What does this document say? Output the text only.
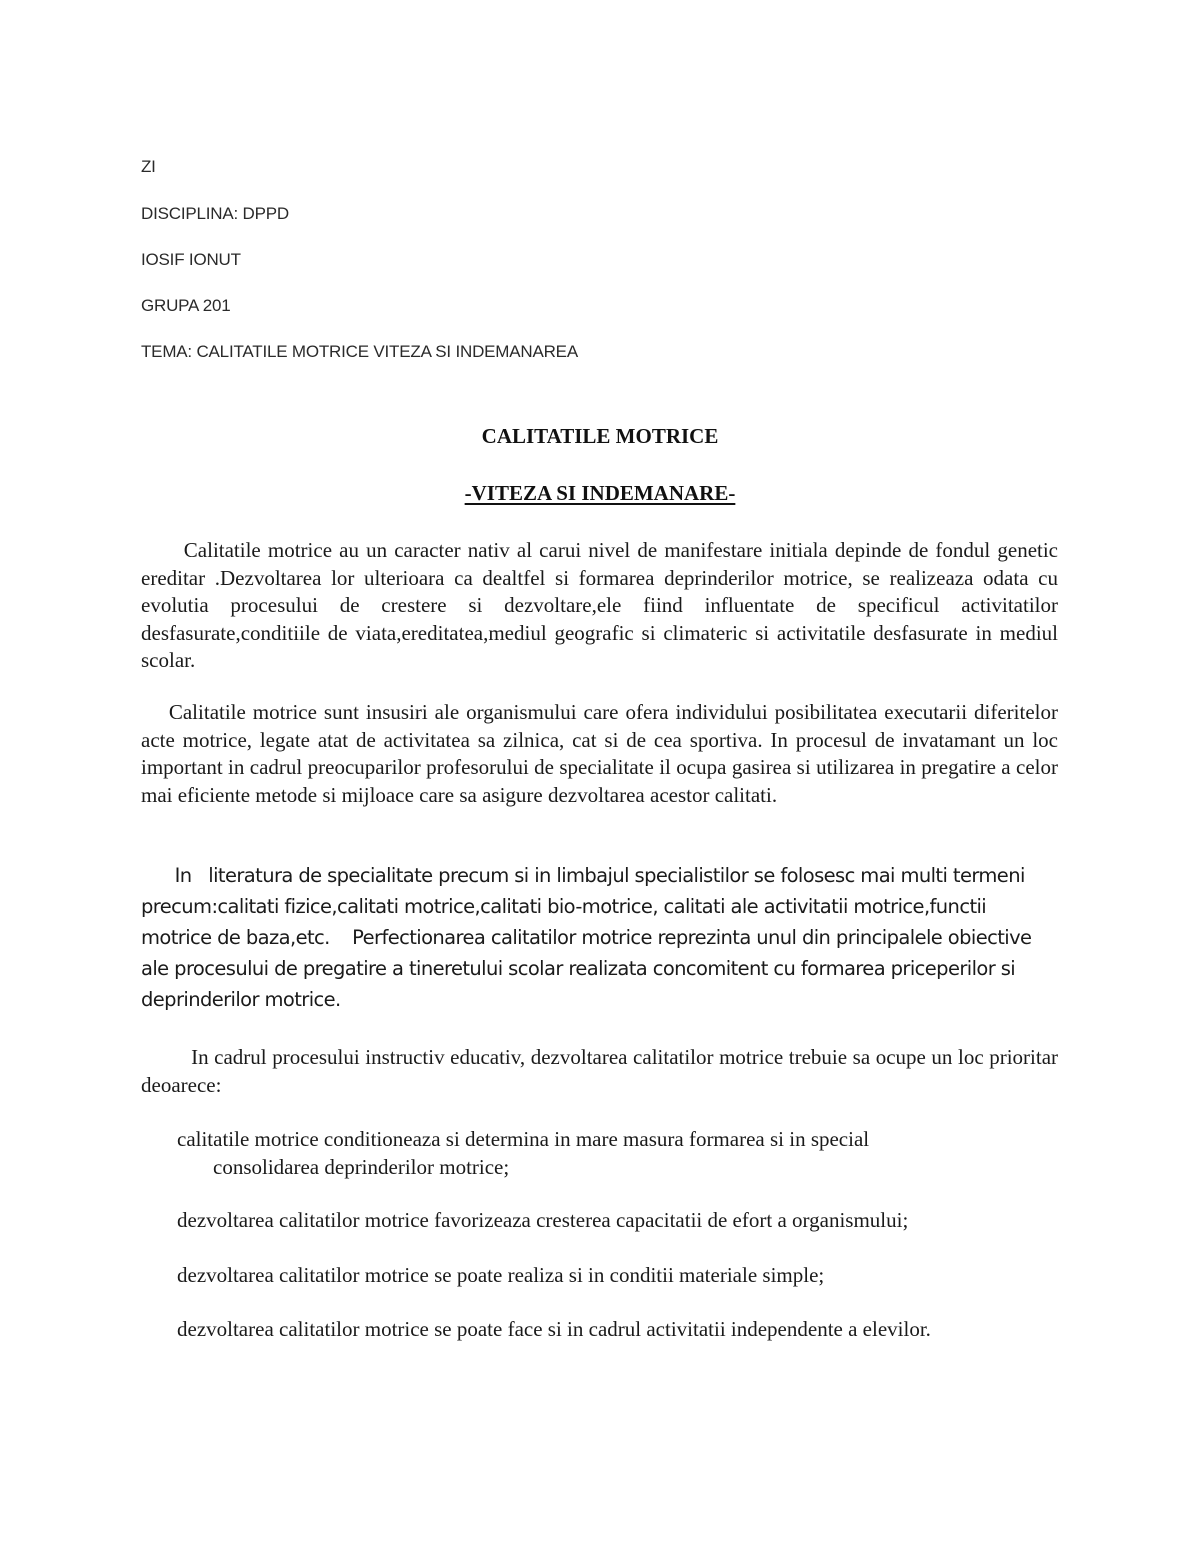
ZI

DISCIPLINA: DPPD

IOSIF IONUT

GRUPA 201

TEMA: CALITATILE MOTRICE VITEZA SI INDEMANAREA

CALITATILE MOTRICE

-VITEZA SI INDEMANARE-

Calitatile motrice au un caracter nativ al carui nivel de manifestare initiala depinde de fondul genetic ereditar .Dezvoltarea lor ulterioara ca dealtfel si formarea deprinderilor motrice, se realizeaza odata cu evolutia procesului de crestere si dezvoltare,ele fiind influentate de specificul activitatilor desfasurate,conditiile de viata,ereditatea,mediul geografic si climateric si activitatile desfasurate in mediul scolar.

Calitatile motrice sunt insusiri ale organismului care ofera individului posibilitatea executarii diferitelor acte motrice, legate atat de activitatea sa zilnica, cat si de cea sportiva. In procesul de invatamant un loc important in cadrul preocuparilor profesorului de specialitate il ocupa gasirea si utilizarea in pregatire a celor mai eficiente metode si mijloace care sa asigure dezvoltarea acestor calitati.

In   literatura de specialitate precum si in limbajul specialistilor se folosesc mai multi termeni precum:calitati fizice,calitati motrice,calitati bio-motrice, calitati ale activitatii motrice,functii motrice de baza,etc.    Perfectionarea calitatilor motrice reprezinta unul din principalele obiective ale procesului de pregatire a tineretului scolar realizata concomitent cu formarea priceperilor si deprinderilor motrice.

In cadrul procesului instructiv educativ, dezvoltarea calitatilor motrice trebuie sa ocupe un loc prioritar deoarece:

calitatile motrice conditioneaza si determina in mare masura formarea si in special
consolidarea deprinderilor motrice;

dezvoltarea calitatilor motrice favorizeaza cresterea capacitatii de efort a organismului;

dezvoltarea calitatilor motrice se poate realiza si in conditii materiale simple;

dezvoltarea calitatilor motrice se poate face si in cadrul activitatii independente a elevilor.
